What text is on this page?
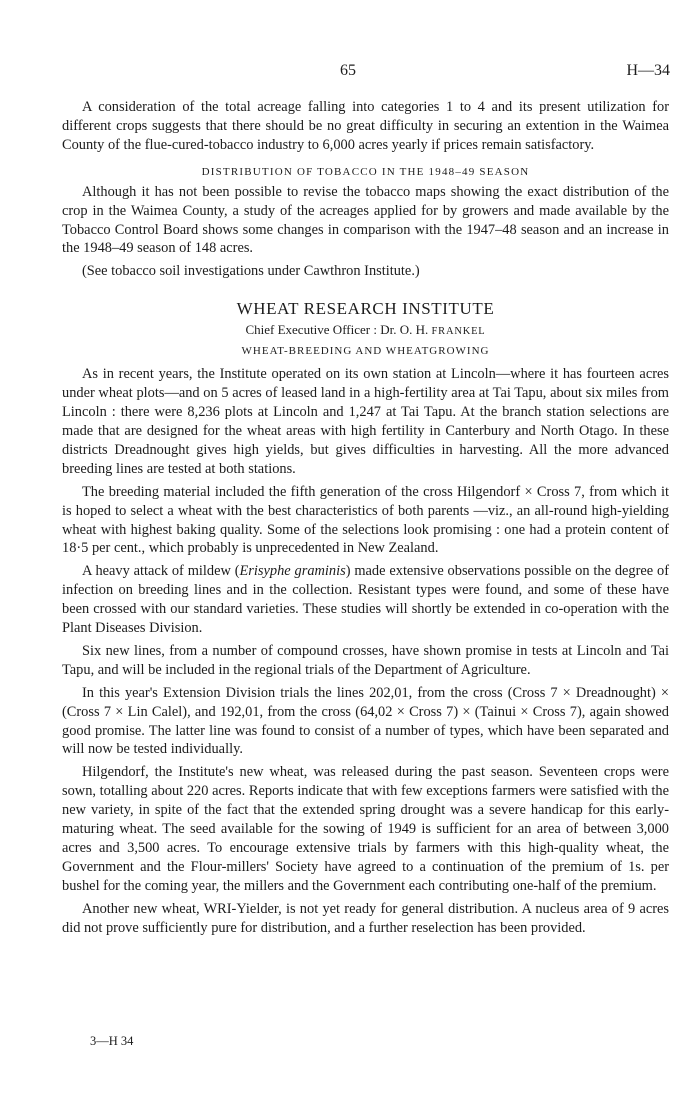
65	H—34

A consideration of the total acreage falling into categories 1 to 4 and its present utilization for different crops suggests that there should be no great difficulty in securing an extention in the Waimea County of the flue-cured-tobacco industry to 6,000 acres yearly if prices remain satisfactory.

DISTRIBUTION OF TOBACCO IN THE 1948–49 SEASON

Although it has not been possible to revise the tobacco maps showing the exact distribution of the crop in the Waimea County, a study of the acreages applied for by growers and made available by the Tobacco Control Board shows some changes in comparison with the 1947–48 season and an increase in the 1948–49 season of 148 acres.

(See tobacco soil investigations under Cawthron Institute.)

WHEAT RESEARCH INSTITUTE
Chief Executive Officer : Dr. O. H. FRANKEL
WHEAT-BREEDING AND WHEATGROWING

As in recent years, the Institute operated on its own station at Lincoln—where it has fourteen acres under wheat plots—and on 5 acres of leased land in a high-fertility area at Tai Tapu, about six miles from Lincoln : there were 8,236 plots at Lincoln and 1,247 at Tai Tapu. At the branch station selections are made that are designed for the wheat areas with high fertility in Canterbury and North Otago. In these districts Dreadnought gives high yields, but gives difficulties in harvesting. All the more advanced breeding lines are tested at both stations.

The breeding material included the fifth generation of the cross Hilgendorf × Cross 7, from which it is hoped to select a wheat with the best characteristics of both parents —viz., an all-round high-yielding wheat with highest baking quality. Some of the selections look promising : one had a protein content of 18·5 per cent., which probably is unprecedented in New Zealand.

A heavy attack of mildew (Erisyphe graminis) made extensive observations possible on the degree of infection on breeding lines and in the collection. Resistant types were found, and some of these have been crossed with our standard varieties. These studies will shortly be extended in co-operation with the Plant Diseases Division.

Six new lines, from a number of compound crosses, have shown promise in tests at Lincoln and Tai Tapu, and will be included in the regional trials of the Department of Agriculture.

In this year's Extension Division trials the lines 202,01, from the cross (Cross 7 × Dreadnought) × (Cross 7 × Lin Calel), and 192,01, from the cross (64,02 × Cross 7) × (Tainui × Cross 7), again showed good promise. The latter line was found to consist of a number of types, which have been separated and will now be tested individually.

Hilgendorf, the Institute's new wheat, was released during the past season. Seventeen crops were sown, totalling about 220 acres. Reports indicate that with few exceptions farmers were satisfied with the new variety, in spite of the fact that the extended spring drought was a severe handicap for this early-maturing wheat. The seed available for the sowing of 1949 is sufficient for an area of between 3,000 acres and 3,500 acres. To encourage extensive trials by farmers with this high-quality wheat, the Government and the Flour-millers' Society have agreed to a continuation of the premium of 1s. per bushel for the coming year, the millers and the Government each contributing one-half of the premium.

Another new wheat, WRI-Yielder, is not yet ready for general distribution. A nucleus area of 9 acres did not prove sufficiently pure for distribution, and a further reselection has been provided.

3—H 34
